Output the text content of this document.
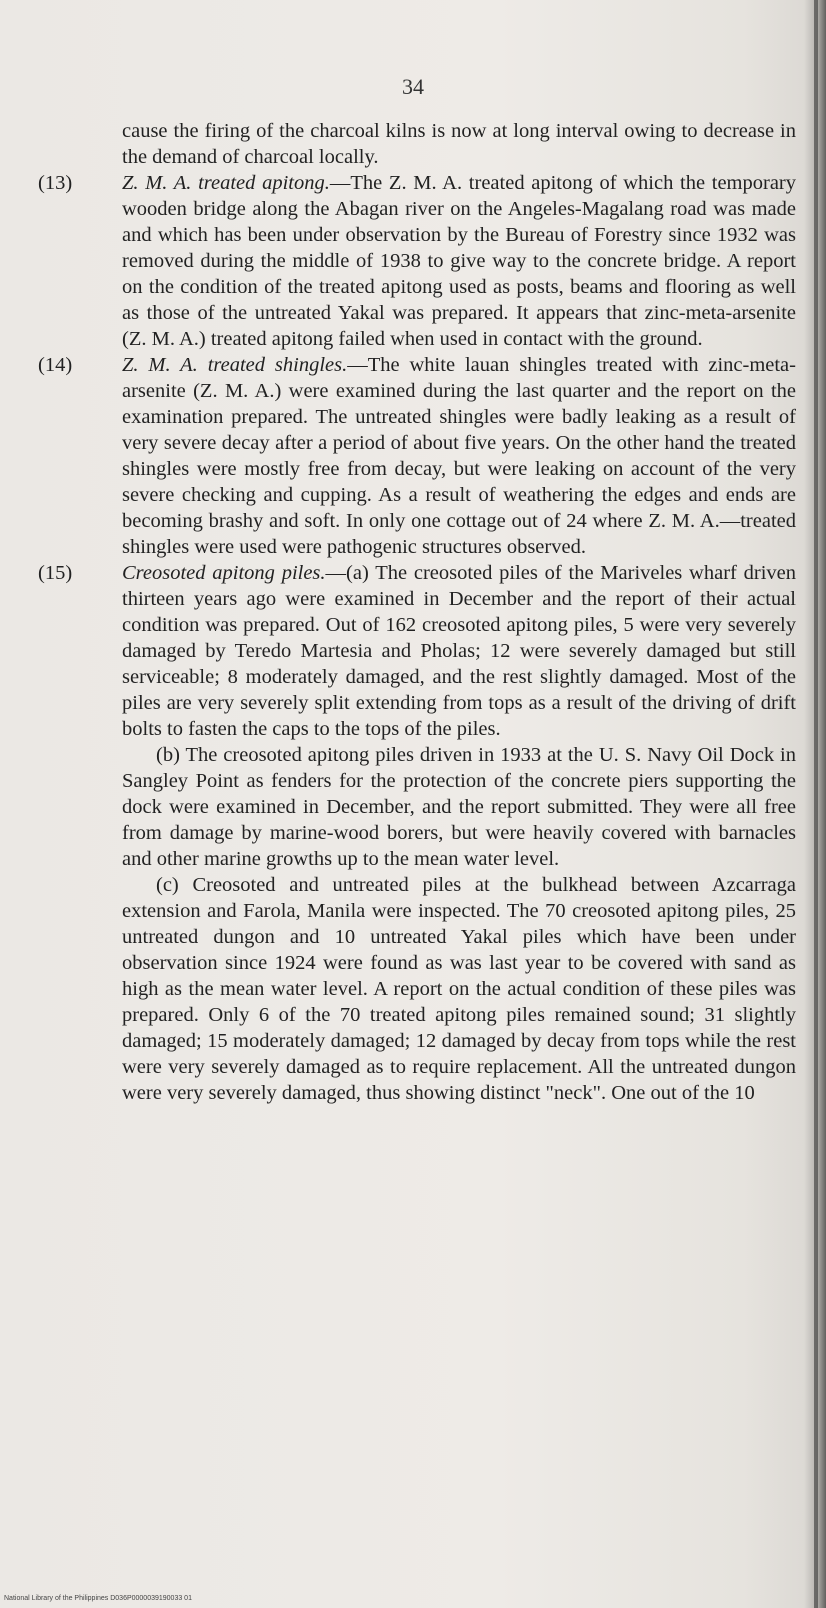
34

cause the firing of the charcoal kilns is now at long interval owing to decrease in the demand of charcoal locally.

(13) Z. M. A. treated apitong.—The Z. M. A. treated apitong of which the temporary wooden bridge along the Abagan river on the Angeles-Magalang road was made and which has been under observation by the Bureau of Forestry since 1932 was removed during the middle of 1938 to give way to the concrete bridge. A report on the condition of the treated apitong used as posts, beams and flooring as well as those of the untreated Yakal was prepared. It appears that zinc-meta-arsenite (Z. M. A.) treated apitong failed when used in contact with the ground.
(14) Z. M. A. treated shingles.—The white lauan shingles treated with zinc-meta-arsenite (Z. M. A.) were examined during the last quarter and the report on the examination prepared. The untreated shingles were badly leaking as a result of very severe decay after a period of about five years. On the other hand the treated shingles were mostly free from decay, but were leaking on account of the very severe checking and cupping. As a result of weathering the edges and ends are becoming brashy and soft. In only one cottage out of 24 where Z. M. A.—treated shingles were used were pathogenic structures observed.
(15) Creosoted apitong piles.—(a) The creosoted piles of the Mariveles wharf driven thirteen years ago were examined in December and the report of their actual condition was prepared. Out of 162 creosoted apitong piles, 5 were very severely damaged by Teredo Martesia and Pholas; 12 were severely damaged but still serviceable; 8 moderately damaged, and the rest slightly damaged. Most of the piles are very severely split extending from tops as a result of the driving of drift bolts to fasten the caps to the tops of the piles.

(b) The creosoted apitong piles driven in 1933 at the U. S. Navy Oil Dock in Sangley Point as fenders for the protection of the concrete piers supporting the dock were examined in December, and the report submitted. They were all free from damage by marine-wood borers, but were heavily covered with barnacles and other marine growths up to the mean water level.

(c) Creosoted and untreated piles at the bulkhead between Azcarraga extension and Farola, Manila were inspected. The 70 creosoted apitong piles, 25 untreated dungon and 10 untreated Yakal piles which have been under observation since 1924 were found as was last year to be covered with sand as high as the mean water level. A report on the actual condition of these piles was prepared. Only 6 of the 70 treated apitong piles remained sound; 31 slightly damaged; 15 moderately damaged; 12 damaged by decay from tops while the rest were very severely damaged as to require replacement. All the untreated dungon were very severely damaged, thus showing distinct "neck". One out of the 10

National Library of the Philippines D036P0000039190033 01
